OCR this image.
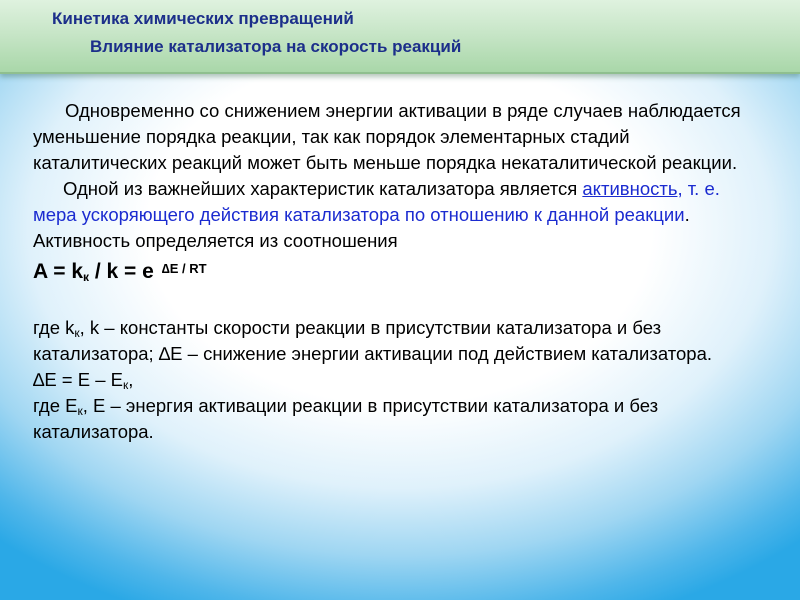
Кинетика химических превращений

Влияние катализатора на скорость реакций

Одновременно со снижением энергии активации в ряде случаев наблюдается уменьшение порядка реакции, так как порядок элементарных стадий каталитических реакций может быть меньше порядка некаталитической реакции.

Одной из важнейших характеристик катализатора является активность, т. е. мера ускоряющего действия катализатора по отношению к данной реакции. Активность определяется из соотношения

$A = k_к / k = e$ $^{\Delta E / RT}$

где $k_к$, k – константы скорости реакции в присутствии катализатора и без катализатора; ∆E – снижение энергии активации под действием катализатора.

$\Delta E = E - E_к$,

где $E_к$, E – энергия активации реакции в присутствии катализатора и без катализатора.
